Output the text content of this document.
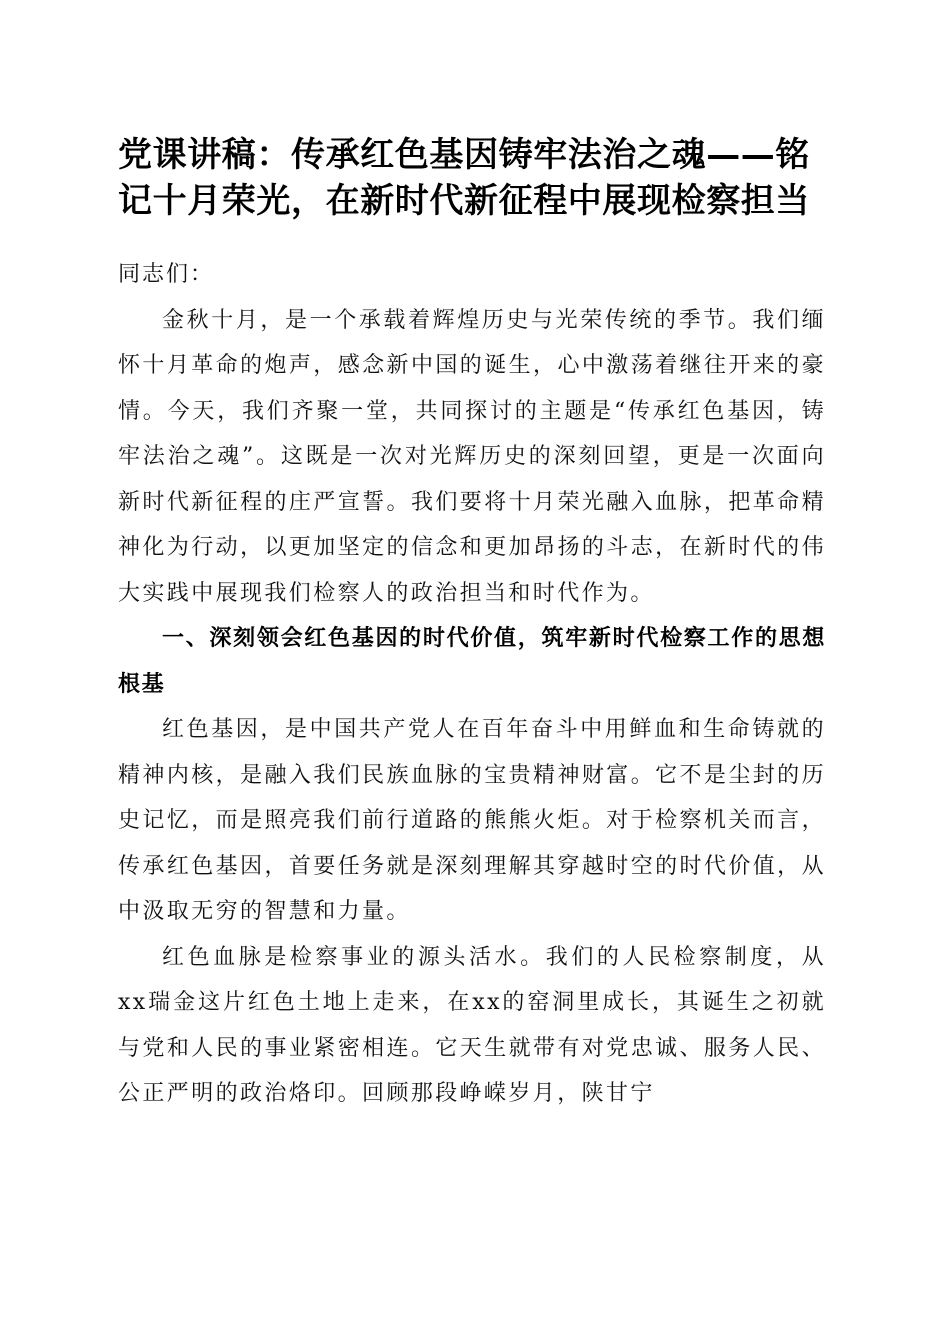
党课讲稿：传承红色基因铸牢法治之魂——铭记十月荣光，在新时代新征程中展现检察担当

同志们：

金秋十月，是一个承载着辉煌历史与光荣传统的季节。我们缅怀十月革命的炮声，感念新中国的诞生，心中激荡着继往开来的豪情。今天，我们齐聚一堂，共同探讨的主题是“传承红色基因，铸牢法治之魂”。这既是一次对光辉历史的深刻回望，更是一次面向新时代新征程的庄严宣誓。我们要将十月荣光融入血脉，把革命精神化为行动，以更加坚定的信念和更加昂扬的斗志，在新时代的伟大实践中展现我们检察人的政治担当和时代作为。

一、深刻领会红色基因的时代价值，筑牢新时代检察工作的思想根基

红色基因，是中国共产党人在百年奋斗中用鲜血和生命铸就的精神内核，是融入我们民族血脉的宝贵精神财富。它不是尘封的历史记忆，而是照亮我们前行道路的熊熊火炬。对于检察机关而言，传承红色基因，首要任务就是深刻理解其穿越时空的时代价值，从中汲取无穷的智慧和力量。

红色血脉是检察事业的源头活水。我们的人民检察制度，从xx瑞金这片红色土地上走来，在xx的窑洞里成长，其诞生之初就与党和人民的事业紧密相连。它天生就带有对党忠诚、服务人民、公正严明的政治烙印。回顾那段峥嵘岁月，陕甘宁
